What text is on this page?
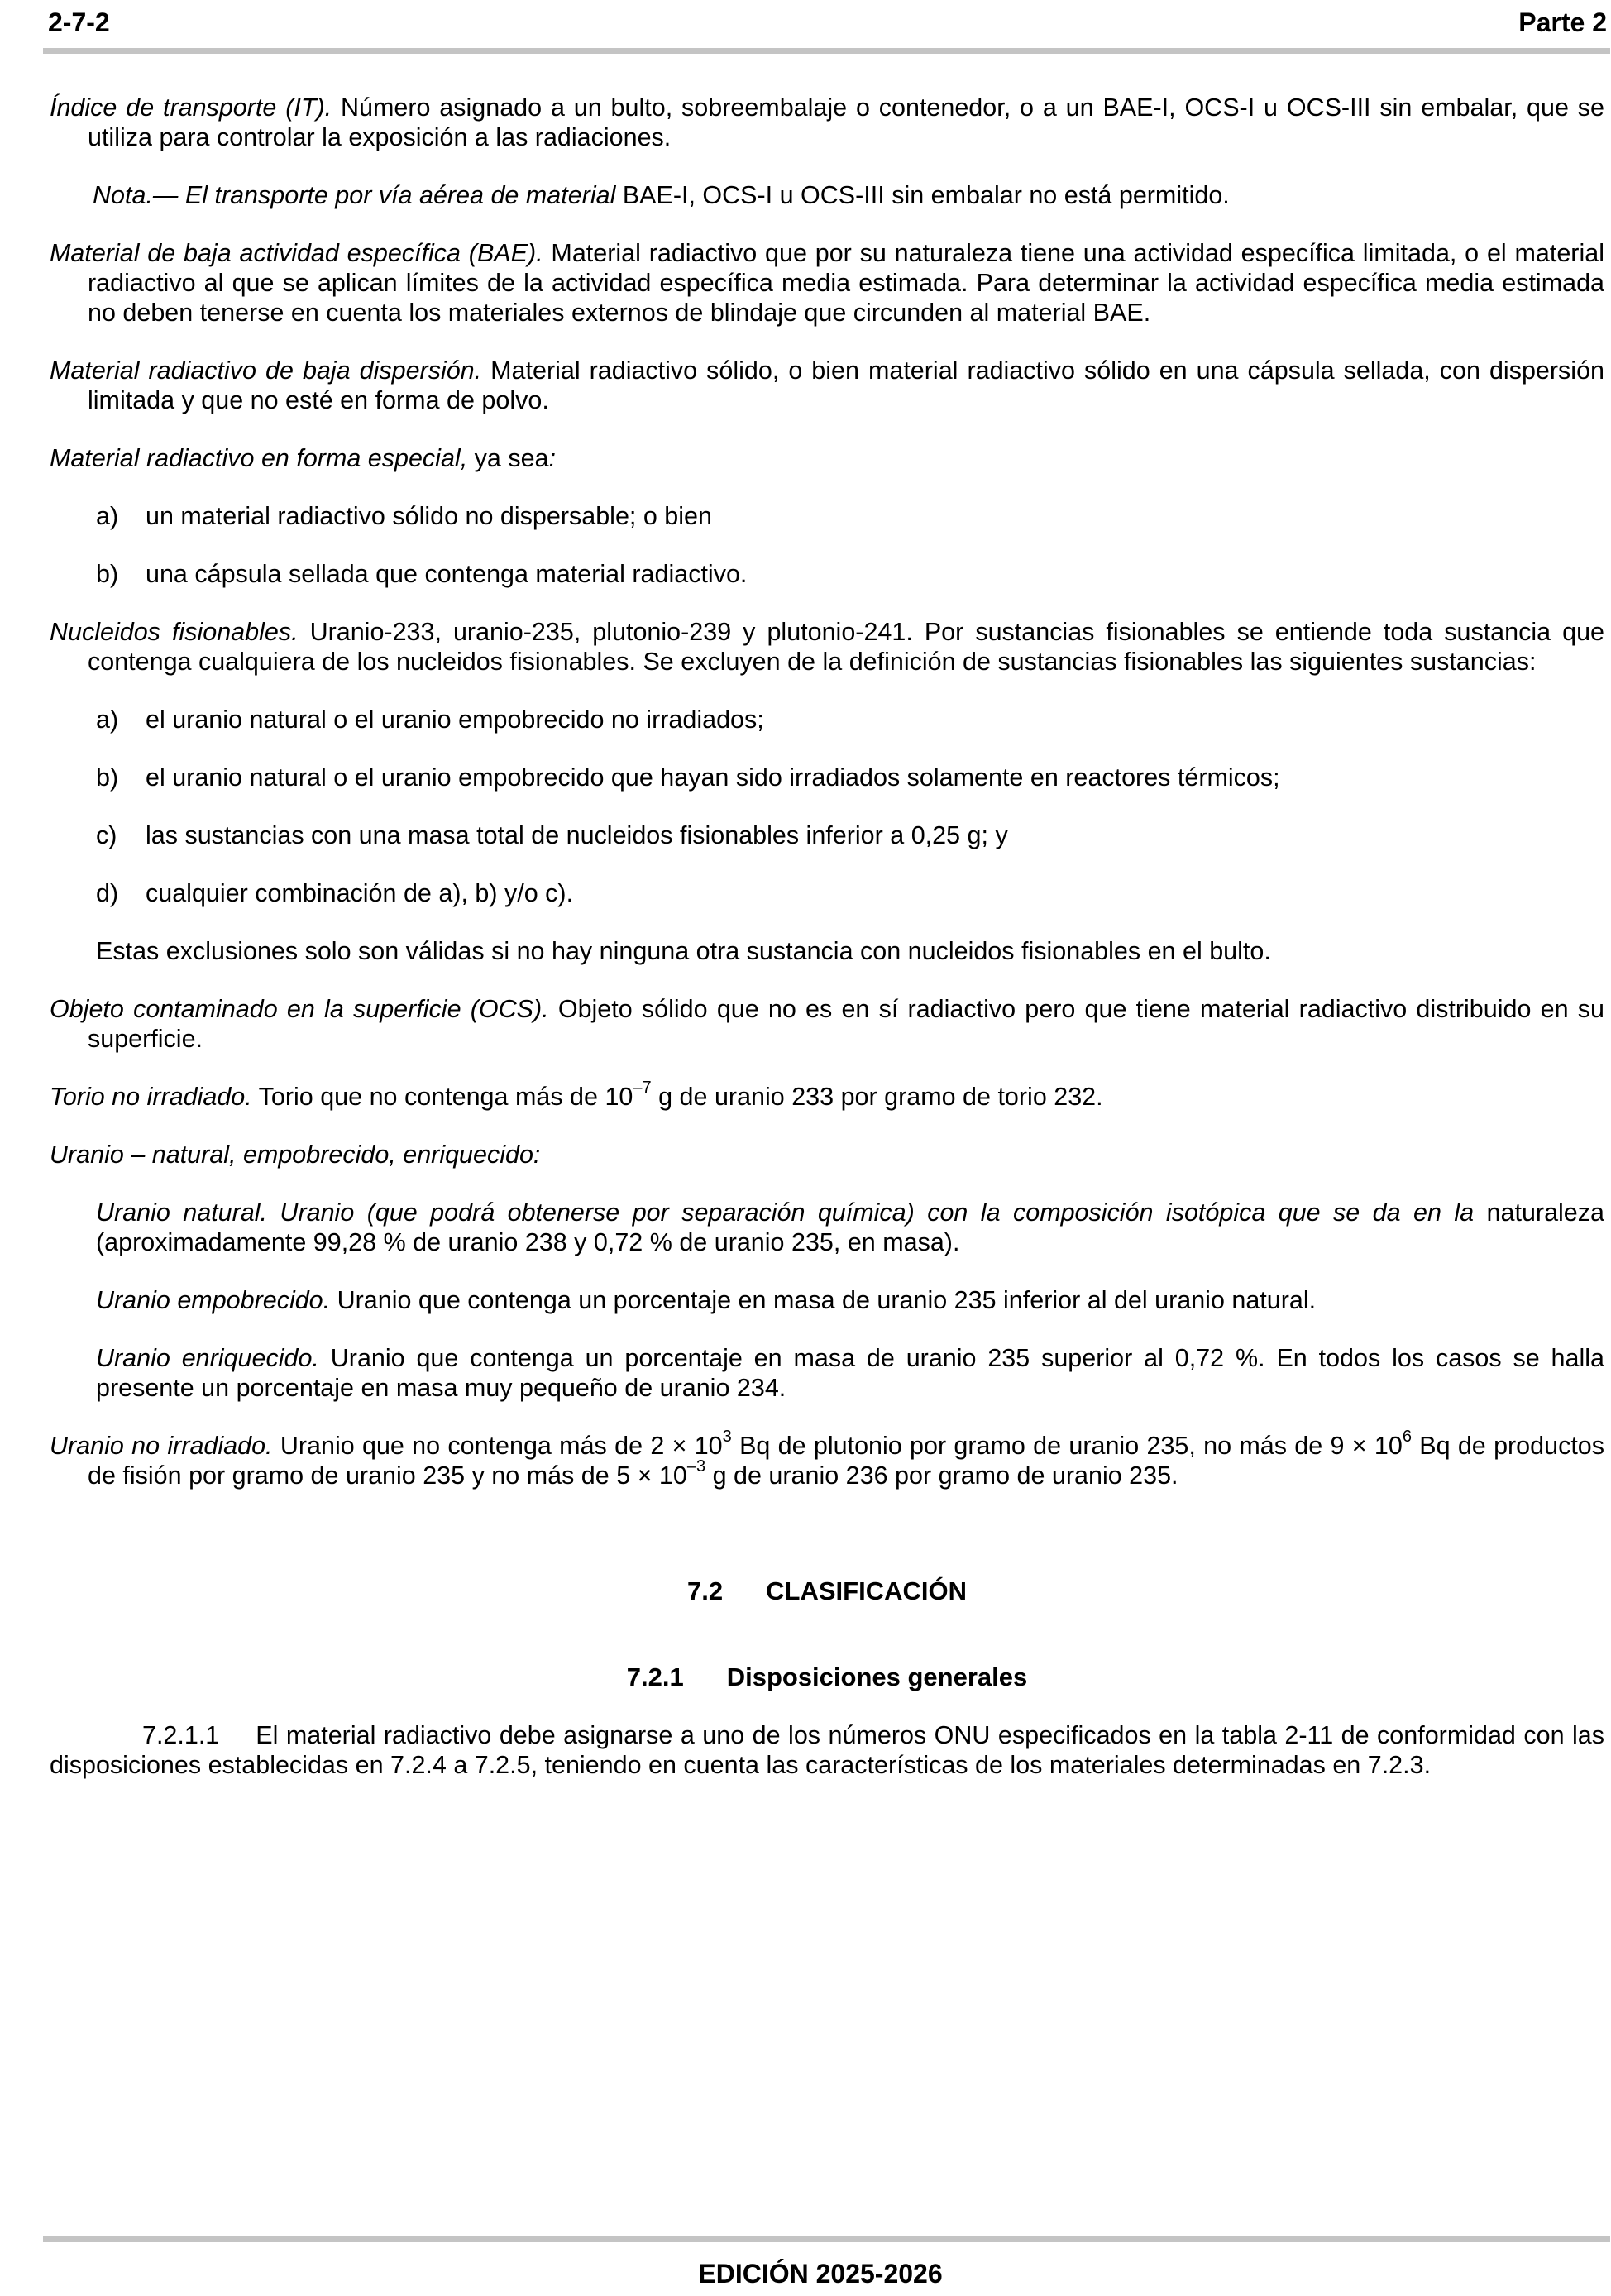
2-7-2	Parte 2

Índice de transporte (IT). Número asignado a un bulto, sobreembalaje o contenedor, o a un BAE-I, OCS-I u OCS-III sin embalar, que se utiliza para controlar la exposición a las radiaciones.

Nota.— El transporte por vía aérea de material BAE-I, OCS-I u OCS-III sin embalar no está permitido.

Material de baja actividad específica (BAE). Material radiactivo que por su naturaleza tiene una actividad específica limitada, o el material radiactivo al que se aplican límites de la actividad específica media estimada. Para determinar la actividad específica media estimada no deben tenerse en cuenta los materiales externos de blindaje que circunden al material BAE.

Material radiactivo de baja dispersión. Material radiactivo sólido, o bien material radiactivo sólido en una cápsula sellada, con dispersión limitada y que no esté en forma de polvo.

Material radiactivo en forma especial, ya sea:

a) un material radiactivo sólido no dispersable; o bien
b) una cápsula sellada que contenga material radiactivo.

Nucleidos fisionables. Uranio-233, uranio-235, plutonio-239 y plutonio-241. Por sustancias fisionables se entiende toda sustancia que contenga cualquiera de los nucleidos fisionables. Se excluyen de la definición de sustancias fisionables las siguientes sustancias:

a) el uranio natural o el uranio empobrecido no irradiados;
b) el uranio natural o el uranio empobrecido que hayan sido irradiados solamente en reactores térmicos;
c) las sustancias con una masa total de nucleidos fisionables inferior a 0,25 g; y
d) cualquier combinación de a), b) y/o c).

Estas exclusiones solo son válidas si no hay ninguna otra sustancia con nucleidos fisionables en el bulto.

Objeto contaminado en la superficie (OCS). Objeto sólido que no es en sí radiactivo pero que tiene material radiactivo distribuido en su superficie.

Torio no irradiado. Torio que no contenga más de $10^{-7}$ g de uranio 233 por gramo de torio 232.

Uranio – natural, empobrecido, enriquecido:

Uranio natural. Uranio (que podrá obtenerse por separación química) con la composición isotópica que se da en la naturaleza (aproximadamente 99,28 % de uranio 238 y 0,72 % de uranio 235, en masa).

Uranio empobrecido. Uranio que contenga un porcentaje en masa de uranio 235 inferior al del uranio natural.

Uranio enriquecido. Uranio que contenga un porcentaje en masa de uranio 235 superior al 0,72 %. En todos los casos se halla presente un porcentaje en masa muy pequeño de uranio 234.

Uranio no irradiado. Uranio que no contenga más de $2 \times 10^3$ Bq de plutonio por gramo de uranio 235, no más de $9 \times 10^6$ Bq de productos de fisión por gramo de uranio 235 y no más de $5 \times 10^{-3}$ g de uranio 236 por gramo de uranio 235.

7.2 CLASIFICACIÓN
7.2.1 Disposiciones generales

7.2.1.1 El material radiactivo debe asignarse a uno de los números ONU especificados en la tabla 2-11 de conformidad con las disposiciones establecidas en 7.2.4 a 7.2.5, teniendo en cuenta las características de los materiales determinadas en 7.2.3.

EDICIÓN 2025-2026
